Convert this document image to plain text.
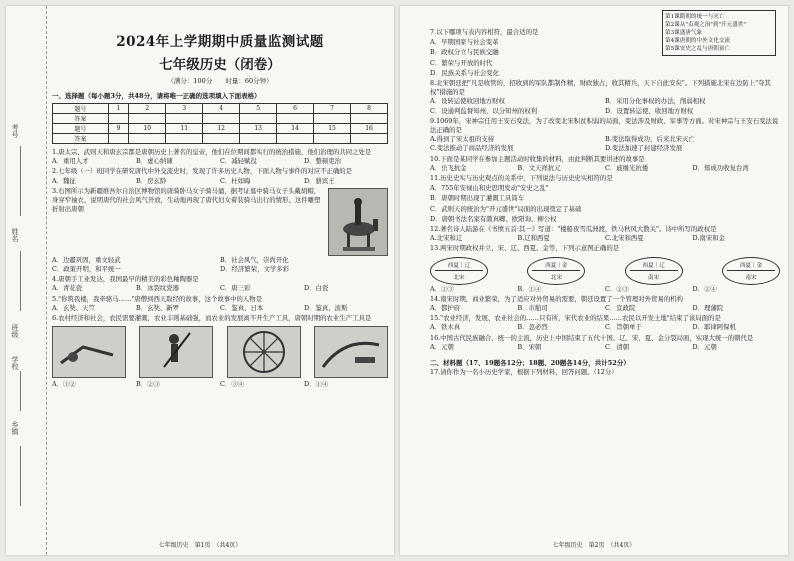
考号
姓名
班级
学校
乡镇
2024年上学期期中质量监测试题
七年级历史（闭卷）
（满分：100分　　时量：60分钟）
一、选择题（每小题3分，共48分，请将唯一正确的选项填入下面表格）
题号	1	2	3	4	5	6	7	8
答案								
题号	9	10	11	12	13	14	15	16
答案								
1.唐太宗、武则天和唐玄宗都是唐朝历史上著名的皇帝，他们在位期间都实行的统治措施，他们治理的共同之处是
A．重用人才	B．虚心纳谏	C．减轻赋役	D．整顿吏治
2.七年级（一）班同学在研究唐代中外交流史时，发现了许多历史人物，下面人物与事件的对应不正确的是
A．魏征	B．房玄龄	C．杜如晦	D．骆宾王
3.右图所示为新疆维吾尔自治区博物馆的唐骑卧马女子骑马俑，据考证墓中骑马女子头戴胡帽，身穿窄袖衣，说明唐代的社会风气开放，生动地再现了唐代妇女着装骑马出行的情形。这件雕塑折射出唐朝
A．边疆巩固，重文轻武	B．社会风气，崇尚开化
C．政策开明，和平统一	D．经济繁荣，文学多彩
4.唐朝手工业发达，我国最早的精美的彩色釉陶器是
A．青花瓷	B．冰裂纹瓷器	C．唐三彩	D．白瓷
5."你筑我楼，我牵骆马……"唐僧到西天取经的故事，这个故事中的人物是
A．玄奘、天竺	B．玄奘、新罗	C．鉴真、日本	D．鉴真、波斯
6.农村经济和社会，农民需要灌溉，农业丰则基础强，而农业的发展离不开生产工具，唐朝时期的农业生产工具是
A．①②	B．②③	C．③④	D．①④
七年级历史　第1页　（共4页）
第1课隋朝的统一与灭亡
第2课从"贞观之治"到"开元盛世"
第3课盛唐气象
第4课唐朝的中外文化交流
第5课安史之乱与唐朝衰亡
7.以下哪项与表内容相符，最合适的是
A．早期国家与社会变革
B．政权分立与民族交融
C．繁荣与开放的时代
D．民族关系与社会变化
8.北宋朝廷把"凡是收管的，招收到的军队都制作精，财政独占，收其精兵，天下自此安矣"。下列措施北宋在边防上"夺其权"措施的是
A．设转运使收回地方财权	B．采用分化事权的办法，削弱相权
C．设通判监督知州，以分知州的权利	D．设置转运使，收回地方财权
9.1069年，宋神宗任用王安石变法，为了改变北宋积贫积弱的局面，变法涉及财政、军事等方面。对宋神宗与王安石变法说法正确的是
A.得到了宋太祖的支持	B.变法取得成功，后来北宋灭亡
C.变法推动了商品经济的发展	D.变法加速了封建经济发展
10.下面是某同学在参加主题活动时收集的材料，由此判断其要讲述的故事是
A．岳飞抗金	B．文天祥抗元	C．戚继光抗倭	D．郑成功收复台湾
11.历史史实与历史观点的关系中，下列说法与历史史实相符的是
A．755年安禄山和史思明发动"安史之乱"
B．唐朝时期出现了灌溉工具筒车
C．武则天的统治为"开元盛世"局面的出现奠定了基础
D．唐朝书法名家有颜真卿、欧阳询、柳公权
12.著名诗人陆游在《书愤五首·其一》写道："楼船夜雪瓜洲渡，铁马秋风大散关"。诗中所写的政权是
A.北宋和辽	B.辽和西夏	C.北宋和西夏	D.南宋和金
13.两宋时期政权并立，宋、辽、西夏、金等，下列示意图正确的是
西夏｜辽
北宋
西夏｜金
北宋
西夏｜辽
南宋
西夏｜金
南宋
A．①③	B．①④	C．②③	D．②④
14.南宋时期，商业繁荣，为了适应对外贸易的需要，朝廷设置了一个管理对外贸易的机构
A．都护府	B．市舶司	C．宣政院	D．理藩院
15."农业经济，发展、农业社会的……只有所，宋代农业的结果……农民以开发土地"结束了该局面的是
A．铁木真	B．忽必烈	C．旨朝单于	D．耶律阿保机
16.中国古代民族融合、统一的主流，历史上中国结束了五代十国、辽、宋、夏、金分裂局面，实现大统一的朝代是
A．元朝	B．宋朝	C．清朝	D．元朝
二、材料题（17、19题各12分；18题、20题各14分，共计52分）
17.请你作为一名小历史学家，根据下列材料，回答问题。（12分）
七年级历史　第2页　（共4页）
